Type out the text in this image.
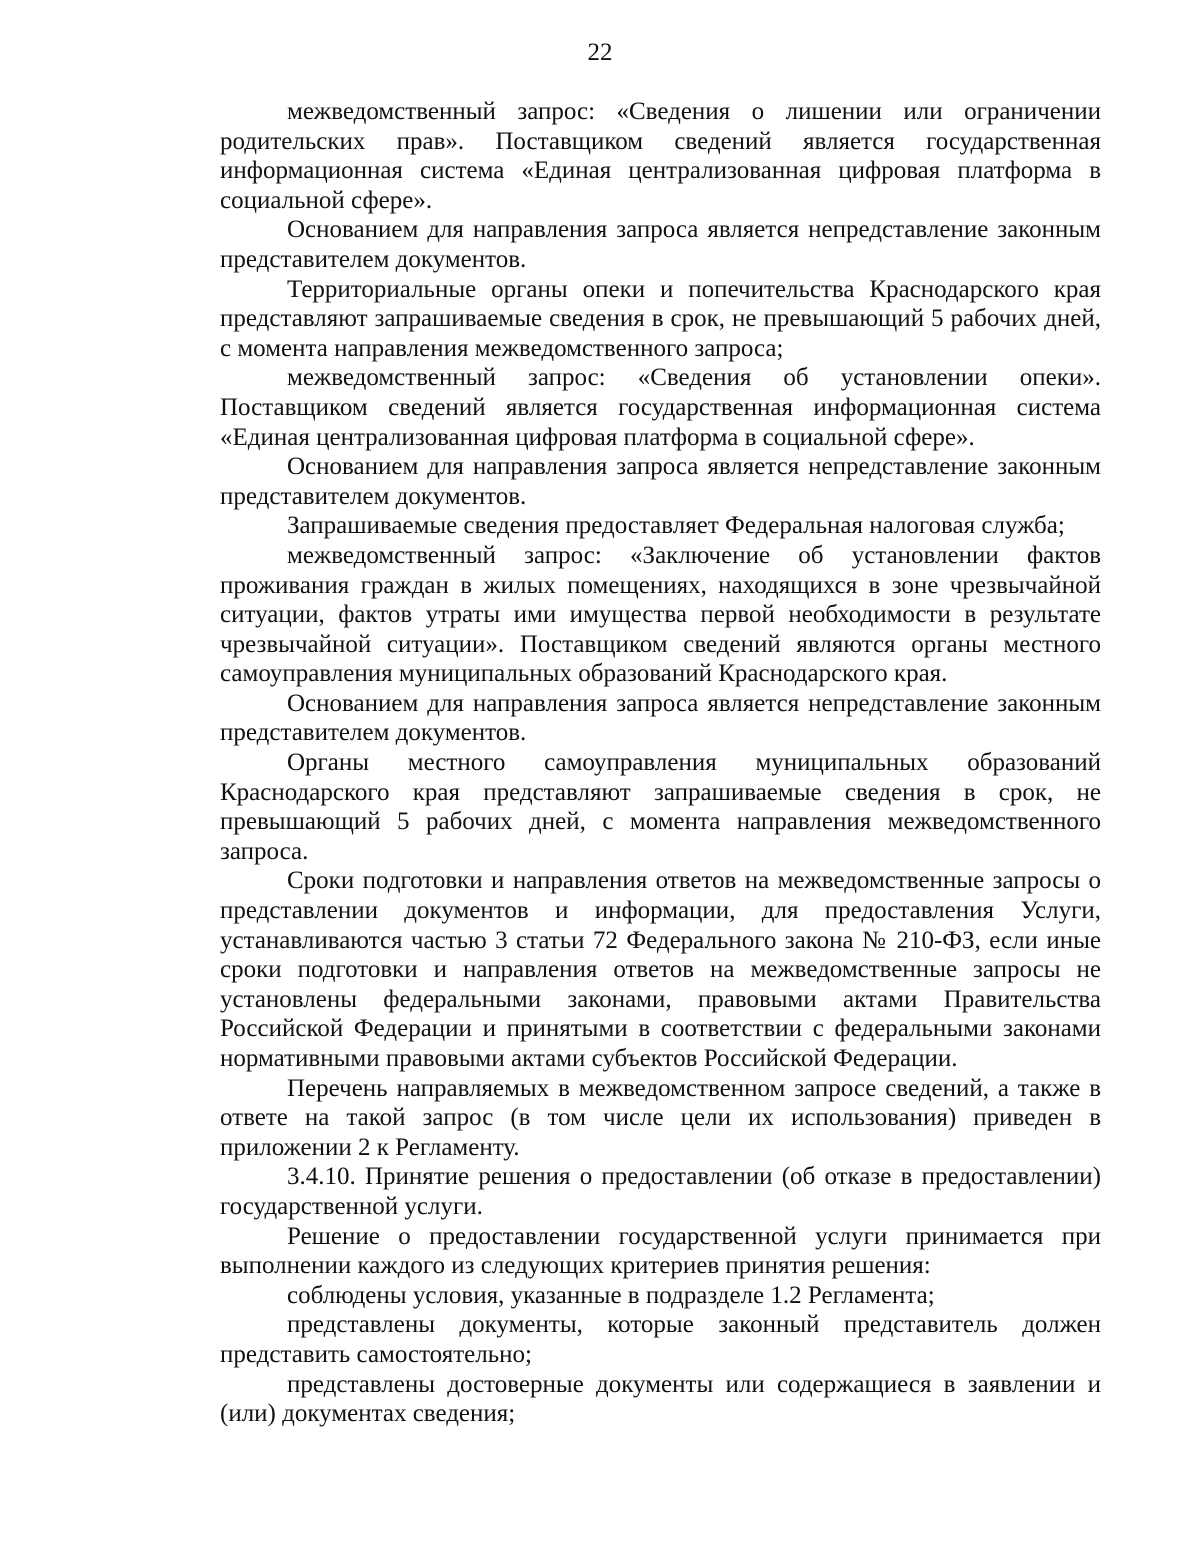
22

межведомственный запрос: «Сведения о лишении или ограничении родительских прав». Поставщиком сведений является государственная информационная система «Единая централизованная цифровая платформа в социальной сфере».

Основанием для направления запроса является непредставление законным представителем документов.

Территориальные органы опеки и попечительства Краснодарского края представляют запрашиваемые сведения в срок, не превышающий 5 рабочих дней, с момента направления межведомственного запроса;

межведомственный запрос: «Сведения об установлении опеки». Поставщиком сведений является государственная информационная система «Единая централизованная цифровая платформа в социальной сфере».

Основанием для направления запроса является непредставление законным представителем документов.

Запрашиваемые сведения предоставляет Федеральная налоговая служба;

межведомственный запрос: «Заключение об установлении фактов проживания граждан в жилых помещениях, находящихся в зоне чрезвычайной ситуации, фактов утраты ими имущества первой необходимости в результате чрезвычайной ситуации». Поставщиком сведений являются органы местного самоуправления муниципальных образований Краснодарского края.

Основанием для направления запроса является непредставление законным представителем документов.

Органы местного самоуправления муниципальных образований Краснодарского края представляют запрашиваемые сведения в срок, не превышающий 5 рабочих дней, с момента направления межведомственного запроса.

Сроки подготовки и направления ответов на межведомственные запросы о представлении документов и информации, для предоставления Услуги, устанавливаются частью 3 статьи 72 Федерального закона № 210-ФЗ, если иные сроки подготовки и направления ответов на межведомственные запросы не установлены федеральными законами, правовыми актами Правительства Российской Федерации и принятыми в соответствии с федеральными законами нормативными правовыми актами субъектов Российской Федерации.

Перечень направляемых в межведомственном запросе сведений, а также в ответе на такой запрос (в том числе цели их использования) приведен в приложении 2 к Регламенту.

3.4.10. Принятие решения о предоставлении (об отказе в предоставлении) государственной услуги.

Решение о предоставлении государственной услуги принимается при выполнении каждого из следующих критериев принятия решения:

соблюдены условия, указанные в подразделе 1.2 Регламента;

представлены документы, которые законный представитель должен представить самостоятельно;

представлены достоверные документы или содержащиеся в заявлении и (или) документах сведения;
